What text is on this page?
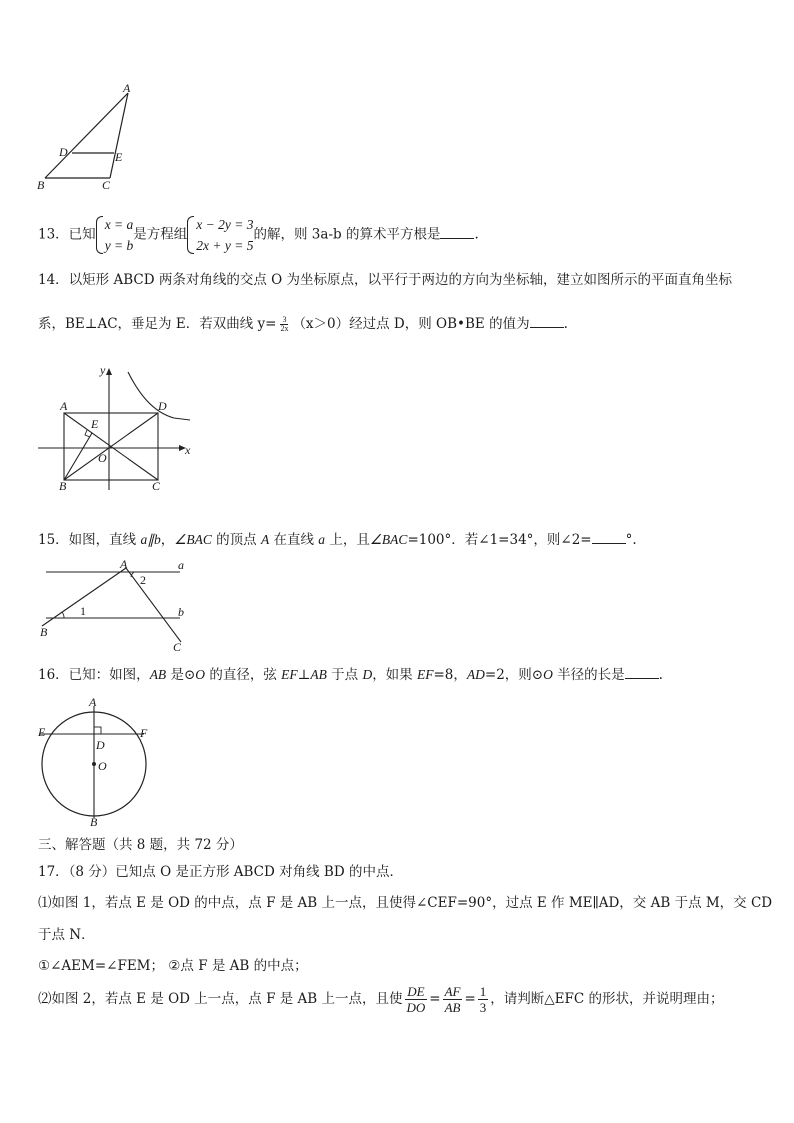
A
B	C
D	E
13．已知
x = a
y = b
是方程组
x − 2y = 3
2x + y = 5
的解，则 3a-b 的算术平方根是	.
14．以矩形 ABCD 两条对角线的交点 O 为坐标原点，以平行于两边的方向为坐标轴，建立如图所示的平面直角坐标
系，BE⊥AC，垂足为 E．若双曲线 $y= \frac{3}{2x} (x>0)$经过点 D，则 OB•BE 的值为	.
y
x
A	D
E
O
B	C
15．如图，直线 a∥b，∠BAC 的顶点 A 在直线 a 上，且∠BAC=100°．若∠1=34°，则∠2=	°.
A	a
b
B
C
1
2
16．已知：如图，AB 是⊙O 的直径，弦 EF⊥AB 于点 D，如果 EF=8，AD=2，则⊙O 半径的长是	.
A
E	F
D
O
B
三、解答题（共 8 题，共 72 分）
17．（8 分）已知点 O 是正方形 ABCD 对角线 BD 的中点．
⑴如图 1，若点 E 是 OD 的中点，点 F 是 AB 上一点，且使得∠CEF=90°，过点 E 作 ME∥AD，交 AB 于点 M，交 CD
于点 N．
①∠AEM=∠FEM； ②点 F 是 AB 的中点；
⑵如图 2，若点 E 是 OD 上一点，点 F 是 AB 上一点，且使 $\frac{DE}{DO} = \frac{AF}{AB} = \frac{1}{3}$ ，请判断△EFC 的形状，并说明理由；
